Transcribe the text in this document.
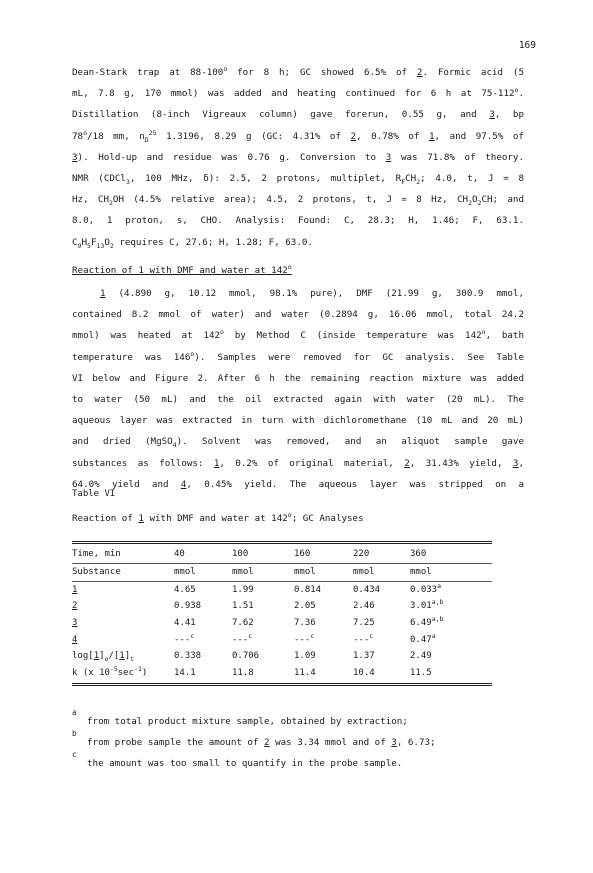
169
Dean-Stark trap at 88-100$^o$ for 8 h; GC showed 6.5% of 2. Formic acid (5
mL, 7.8 g, 170 mmol) was added and heating continued for 6 h at 75-112$^o$.
Distillation (8-inch Vigreaux column) gave forerun, 0.55 g, and 3, bp
78$^o$/18 mm, $n_D^{25}$ 1.3196, 8.29 g (GC: 4.31% of 2, 0.78% of 1, and 97.5% of
3). Hold-up and residue was 0.76 g. Conversion to 3 was 71.8% of theory.
NMR (CDCl$_3$, 100 MHz, δ): 2.5, 2 protons, multiplet, $R_FCH_2$; 4.0, t, J = 8
Hz, $CH_2OH$ (4.5% relative area); 4.5, 2 protons, t, J = 8 Hz, $CH_2O_2CH$; and
8.0, 1 proton, s, CHO. Analysis: Found: C, 28.3; H, 1.46; F, 63.1.
$C_9H_5F_{13}O_2$ requires C, 27.6; H, 1.28; F, 63.0.
Reaction of 1 with DMF and water at 142$^o$
1 (4.890 g, 10.12 mmol, 98.1% pure), DMF (21.99 g, 300.9 mmol,
contained 8.2 mmol of water) and water (0.2894 g, 16.06 mmol, total 24.2
mmol) was heated at 142$^o$ by Method C (inside temperature was 142$^o$, bath
temperature was 146$^o$). Samples were removed for GC analysis. See Table
VI below and Figure 2. After 6 h the remaining reaction mixture was added
to water (50 mL) and the oil extracted again with water (20 mL). The
aqueous layer was extracted in turn with dichloromethane (10 mL and 20 mL)
and dried (MgSO$_4$). Solvent was removed, and an aliquot sample gave
substances as follows: 1, 0.2% of original material, 2, 31.43% yield, 3,
64.0% yield and 4, 0.45% yield. The aqueous layer was stripped on a
Table VI
Reaction of 1 with DMF and water at 142$^o$; GC Analyses
Time, min	40	100	160	220	360
Substance	mmol	mmol	mmol	mmol	mmol
1	4.65	1.99	0.814	0.434	0.033$^a$
2	0.938	1.51	2.05	2.46	3.01$^{a,b}$
3	4.41	7.62	7.36	7.25	6.49$^{a,b}$
4	---$^c$	---$^c$	---$^c$	---$^c$	0.47$^a$
$\log[1]_o/[1]_t$	0.338	0.706	1.09	1.37	2.49
k (x $10^{-5}\sec^{-1}$)	14.1	11.8	11.4	10.4	11.5
a
from total product mixture sample, obtained by extraction;
b
from probe sample the amount of 2 was 3.34 mmol and of 3, 6.73;
c
the amount was too small to quantify in the probe sample.
